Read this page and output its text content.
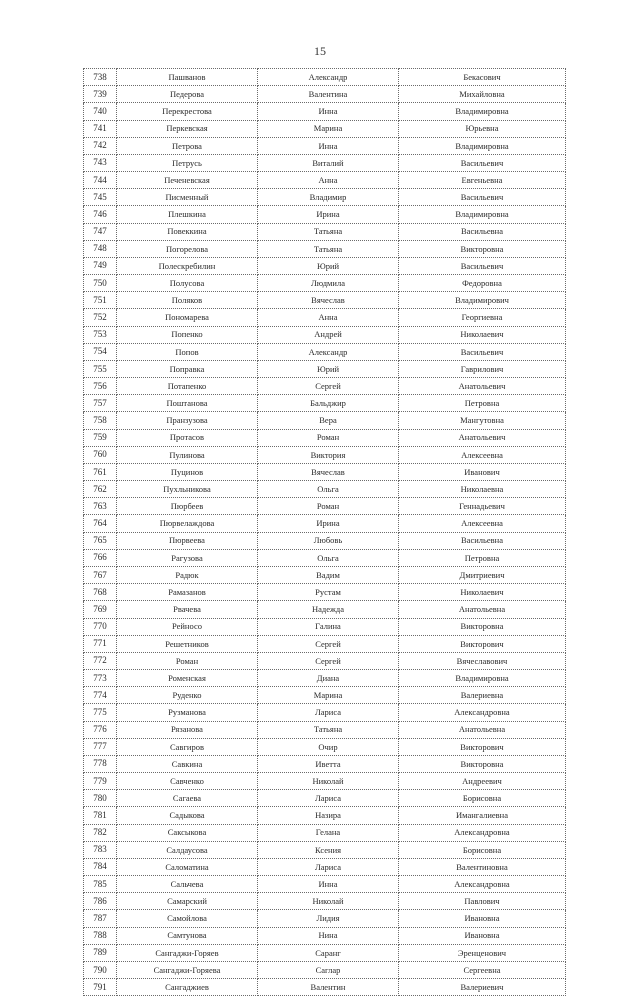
15
738	Пашванов	Александр	Бекасович
739	Педерова	Валентина	Михайловна
740	Перекрестова	Инна	Владимировна
741	Перкевская	Марина	Юрьевна
742	Петрова	Инна	Владимировна
743	Петрусь	Виталий	Васильевич
744	Печеневская	Анна	Евгеньевна
745	Писменный	Владимир	Васильевич
746	Плешкина	Ирина	Владимировна
747	Повеккина	Татьяна	Васильевна
748	Погорелова	Татьяна	Викторовна
749	Полескребилин	Юрий	Васильевич
750	Полусова	Людмила	Федоровна
751	Поляков	Вячеслав	Владимирович
752	Пономарева	Анна	Георгиевна
753	Попенко	Андрей	Николаевич
754	Попов	Александр	Васильевич
755	Поправка	Юрий	Гаврилович
756	Потапенко	Сергей	Анатольевич
757	Поштанова	Бальджир	Петровна
758	Пранзузова	Вера	Мангутовна
759	Протасов	Роман	Анатольевич
760	Пулинова	Виктория	Алексеевна
761	Пуцинов	Вячеслав	Иванович
762	Пухльникова	Ольга	Николаевна
763	Пюрбеев	Роман	Геннадьевич
764	Пюрвелаждова	Ирина	Алексеевна
765	Пюрвеева	Любовь	Васильевна
766	Рагузова	Ольга	Петровна
767	Радюк	Вадим	Дмитриевич
768	Рамазанов	Рустам	Николаевич
769	Рвачева	Надежда	Анатольевна
770	Рейносо	Галина	Викторовна
771	Решетников	Сергей	Викторович
772	Роман	Сергей	Вячеславович
773	Роменская	Диана	Владимировна
774	Руденко	Марина	Валериевна
775	Рузманова	Лариса	Александровна
776	Рязанова	Татьяна	Анатольевна
777	Савгиров	Очир	Викторович
778	Савкина	Иветта	Викторовна
779	Савченко	Николай	Андреевич
780	Сагаева	Лариса	Борисовна
781	Садыкова	Назира	Имангалиевна
782	Саксыкова	Гелана	Александровна
783	Салдаусова	Ксения	Борисовна
784	Саломатина	Лариса	Валентиновна
785	Сальчева	Инна	Александровна
786	Самарский	Николай	Павлович
787	Самойлова	Лидия	Ивановна
788	Самтунова	Нина	Ивановна
789	Сангаджи-Горяев	Саранг	Эренценович
790	Сангаджи-Горяева	Саглар	Сергеевна
791	Сангаджиев	Валентин	Валериевич
